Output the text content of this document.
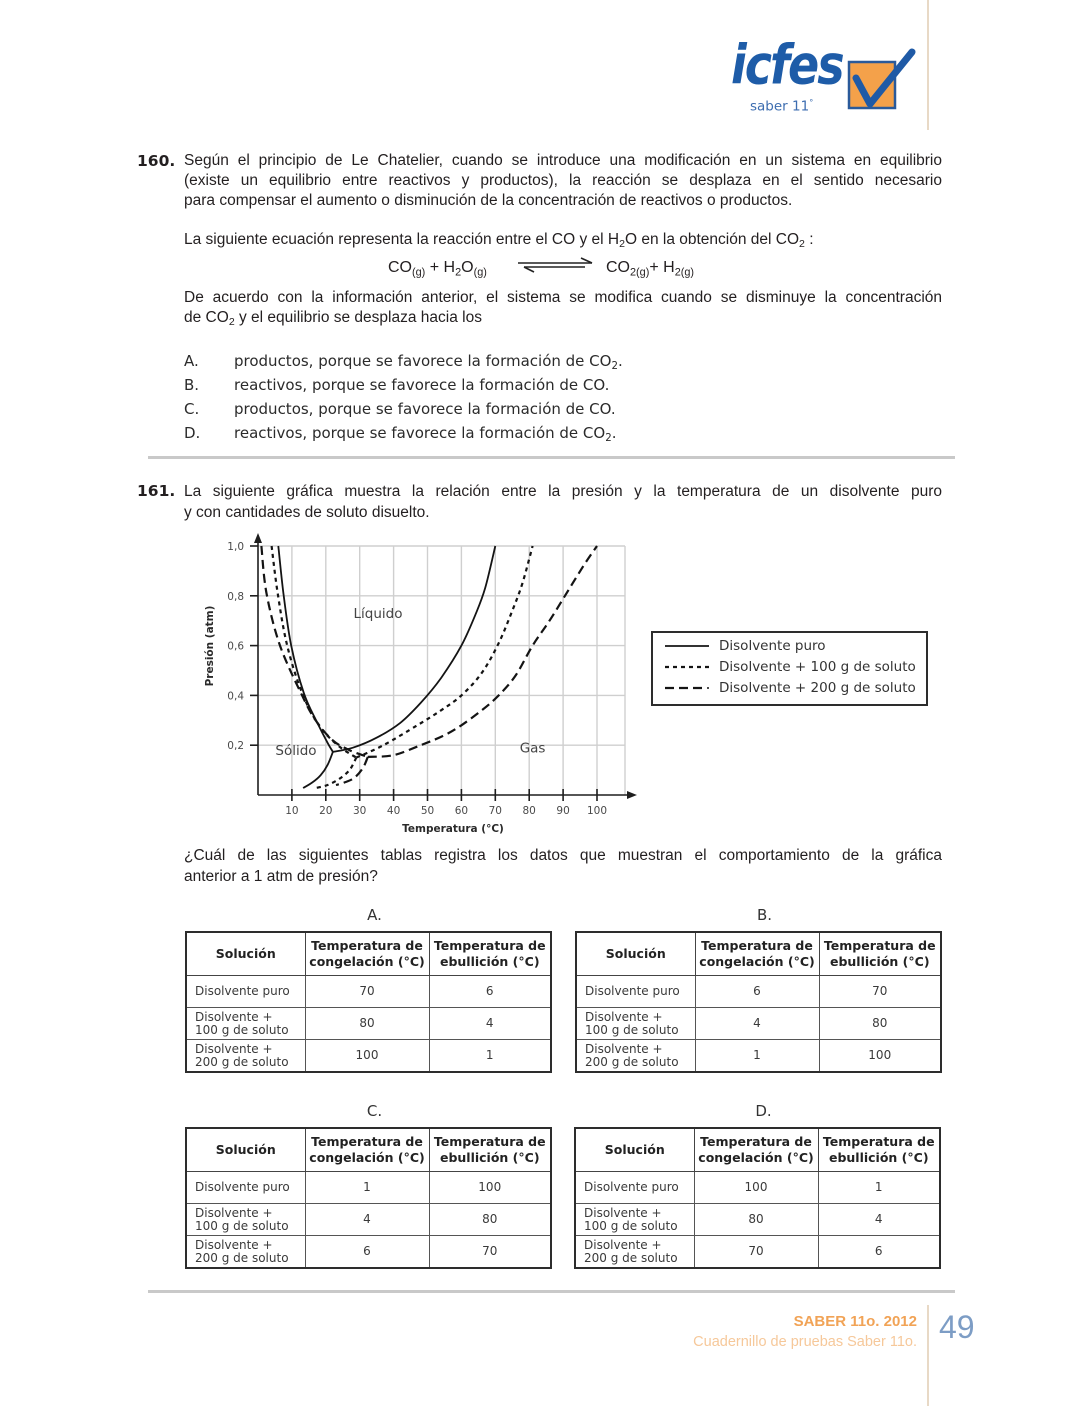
icfes
saber 11°
160. Según el principio de Le Chatelier, cuando se introduce una modificación en un sistema en equilibrio
(existe un equilibrio entre reactivos y productos), la reacción se desplaza en el sentido necesario
para compensar el aumento o disminución de la concentración de reactivos o productos.
La siguiente ecuación representa la reacción entre el CO y el $H_2O$ en la obtención del $CO_2$ :
$CO_{(g)} + H_2O_{(g)}$	$CO_{2(g)}+ H_{2(g)}$
De acuerdo con la información anterior, el sistema se modifica cuando se disminuye la concentración
de $CO_2$ y el equilibrio se desplaza hacia los
A.	productos, porque se favorece la formación de $CO_2$.
B.	reactivos, porque se favorece la formación de CO.
C.	productos, porque se favorece la formación de CO.
D.	reactivos, porque se favorece la formación de $CO_2$.
161. La siguiente gráfica muestra la relación entre la presión y la temperatura de un disolvente puro
y con cantidades de soluto disuelto.
10 20 30 40 50 60 70 80 90 100
0,2
0,4
0,6
0,8
1,0
Líquido
Sólido	Gas
Temperatura (°C)
Presión (atm)	Disolvente puro
Disolvente + 100 g de soluto
Disolvente + 200 g de soluto
¿Cuál de las siguientes tablas registra los datos que muestran el comportamiento de la gráfica
anterior a 1 atm de presión?
A.
Solución	Temperatura de
congelación (°C)	Temperatura de
ebullición (°C)
Disolvente puro	70	6
Disolvente +
100 g de soluto	80	4
Disolvente +
200 g de soluto	100	1
B.
Solución	Temperatura de
congelación (°C)	Temperatura de
ebullición (°C)
Disolvente puro	6	70
Disolvente +
100 g de soluto	4	80
Disolvente +
200 g de soluto	1	100
C.
Solución	Temperatura de
congelación (°C)	Temperatura de
ebullición (°C)
Disolvente puro	1	100
Disolvente +
100 g de soluto	4	80
Disolvente +
200 g de soluto	6	70
D.
Solución	Temperatura de
congelación (°C)	Temperatura de
ebullición (°C)
Disolvente puro	100	1
Disolvente +
100 g de soluto	80	4
Disolvente +
200 g de soluto	70	6
SABER 11o. 2012
Cuadernillo de pruebas Saber 11o. 49
